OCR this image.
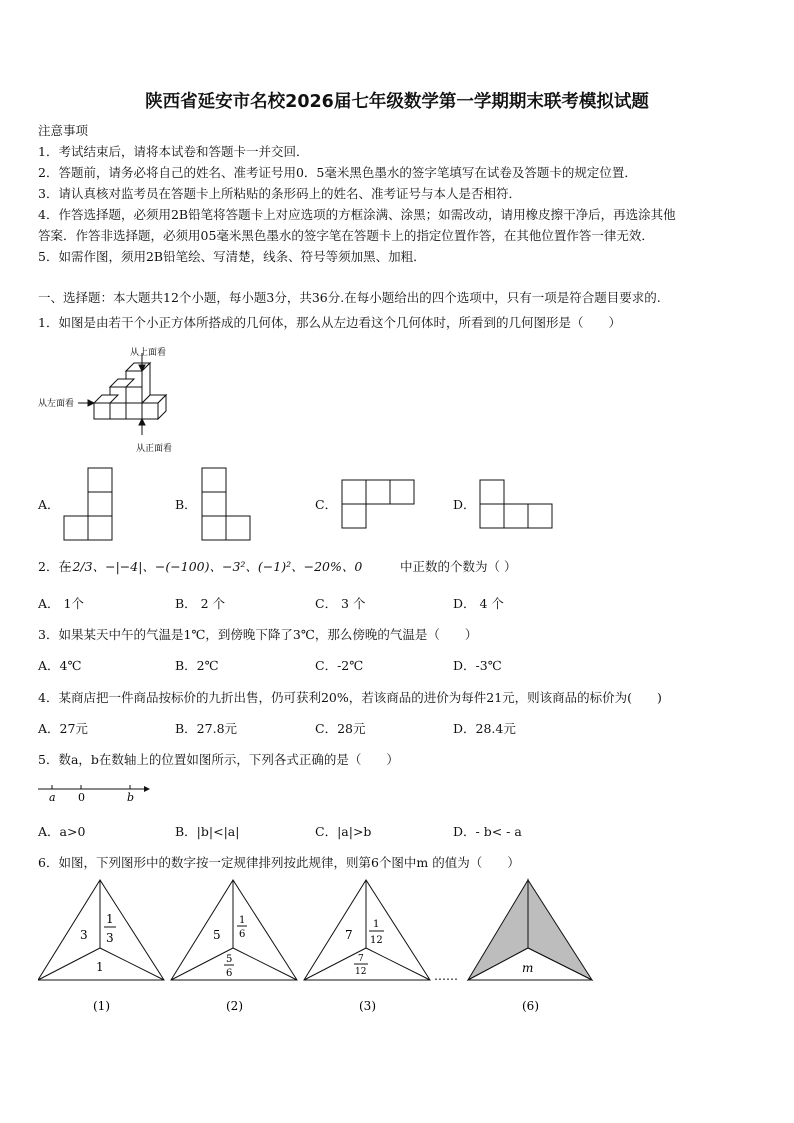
陕西省延安市名校2026届七年级数学第一学期期末联考模拟试题
注意事项
1．考试结束后，请将本试卷和答题卡一并交回．
2．答题前，请务必将自己的姓名、准考证号用0．5毫米黑色墨水的签字笔填写在试卷及答题卡的规定位置．
3．请认真核对监考员在答题卡上所粘贴的条形码上的姓名、准考证号与本人是否相符．
4．作答选择题，必须用2B铅笔将答题卡上对应选项的方框涂满、涂黑；如需改动，请用橡皮擦干净后，再选涂其他
答案．作答非选择题，必须用05毫米黑色墨水的签字笔在答题卡上的指定位置作答，在其他位置作答一律无效．
5．如需作图，须用2B铅笔绘、写清楚，线条、符号等须加黑、加粗．
一、选择题：本大题共12个小题，每小题3分，共36分.在每小题给出的四个选项中，只有一项是符合题目要求的.
1．如图是由若干个小正方体所搭成的几何体，那么从左边看这个几何体时，所看到的几何图形是（　　）
从上面看
从左面看
从正面看
A．	B．	C．	D．
2．在
−2/3、−|−4|、−(−100)、−3²、(−1)²、−20%、0	中正数的个数为（ ）
A． 1个	B． 2 个	C． 3 个	D． 4 个
3．如果某天中午的气温是1℃，到傍晚下降了3℃，那么傍晚的气温是（　　）
A．4℃	B．2℃	C．-2℃	D．-3℃
4．某商店把一件商品按标价的九折出售，仍可获利20%，若该商品的进价为每件21元，则该商品的标价为(　　)
A．27元	B．27.8元	C．28元	D．28.4元
5．数a，b在数轴上的位置如图所示，下列各式正确的是（　　）
a 0	b
A．a>0	B．|b|<|a|	C．|a|>b	D．- b< - a
6．如图，下列图形中的数字按一定规律排列按此规律，则第6个图中m 的值为（　　）
3
1
3
1
(1)
5
1
6
5
6
(2)
7
1
12
7
12
(3)
……
m
(6)
